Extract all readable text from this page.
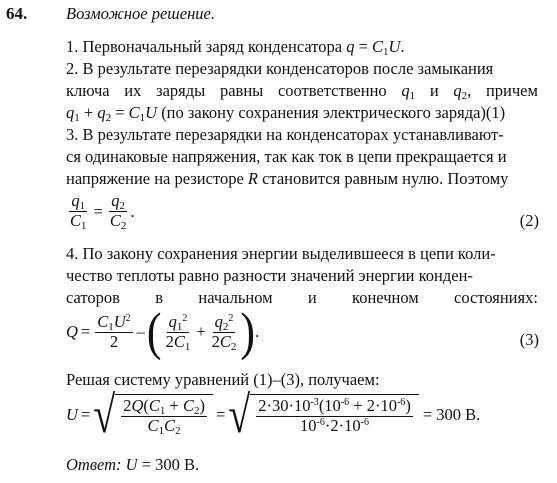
64. Возможное решение.
1. Первоначальный заряд конденсатора $q = C_1U$.
2. В результате перезарядки конденсаторов после замыкания
ключа их заряды равны соответственно $q_1$ и $q_2$, причем
$q_1 + q_2 = C_1U$ (по закону сохранения электрического заряда)(1)
3. В результате перезарядки на конденсаторах устанавливают-
ся одинаковые напряжения, так как ток в цепи прекращается и
напряжение на резисторе R становится равным нулю. Поэтому
$\frac{q_1}{C_1} = \frac{q_2}{C_2}$ .	(2)
4. По закону сохранения энергии выделившееся в цепи коли-
чество теплоты равно разности значений энергии конден-
саторов в начальном и конечном состояниях:
$Q = \frac{C_1U^2}{2}$ – ( $\frac{q_1^2}{2C_1} + \frac{q_2^2}{2C_2}$ ) .	(3)
Решая систему уравнений (1)–(3), получаем:
U = √ $\frac{2Q(C_1 + C_2)}{C_1C_2}$ = √ $\frac{2\cdot 30\cdot 10^{-3}(10^{-6} + 2\cdot 10^{-6})}{10^{-6}\cdot 2\cdot 10^{-6}} = 300$ В.
Ответ: U = 300 В.
